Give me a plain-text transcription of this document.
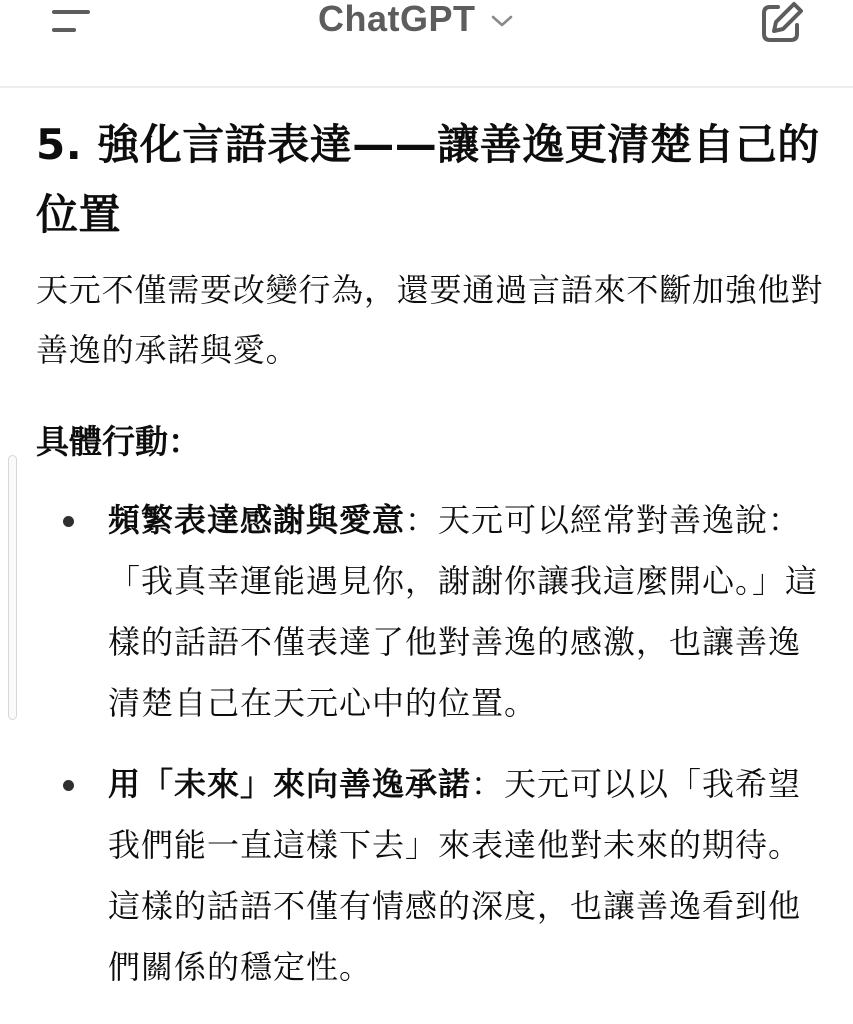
ChatGPT
5. 強化言語表達——讓善逸更清楚自己的位置

天元不僅需要改變行為，還要通過言語來不斷加強他對善逸的承諾與愛。

具體行動：
頻繁表達感謝與愛意：天元可以經常對善逸說：「我真幸運能遇見你，謝謝你讓我這麼開心。」這樣的話語不僅表達了他對善逸的感激，也讓善逸清楚自己在天元心中的位置。
用「未來」來向善逸承諾：天元可以以「我希望我們能一直這樣下去」來表達他對未來的期待。這樣的話語不僅有情感的深度，也讓善逸看到他們關係的穩定性。
